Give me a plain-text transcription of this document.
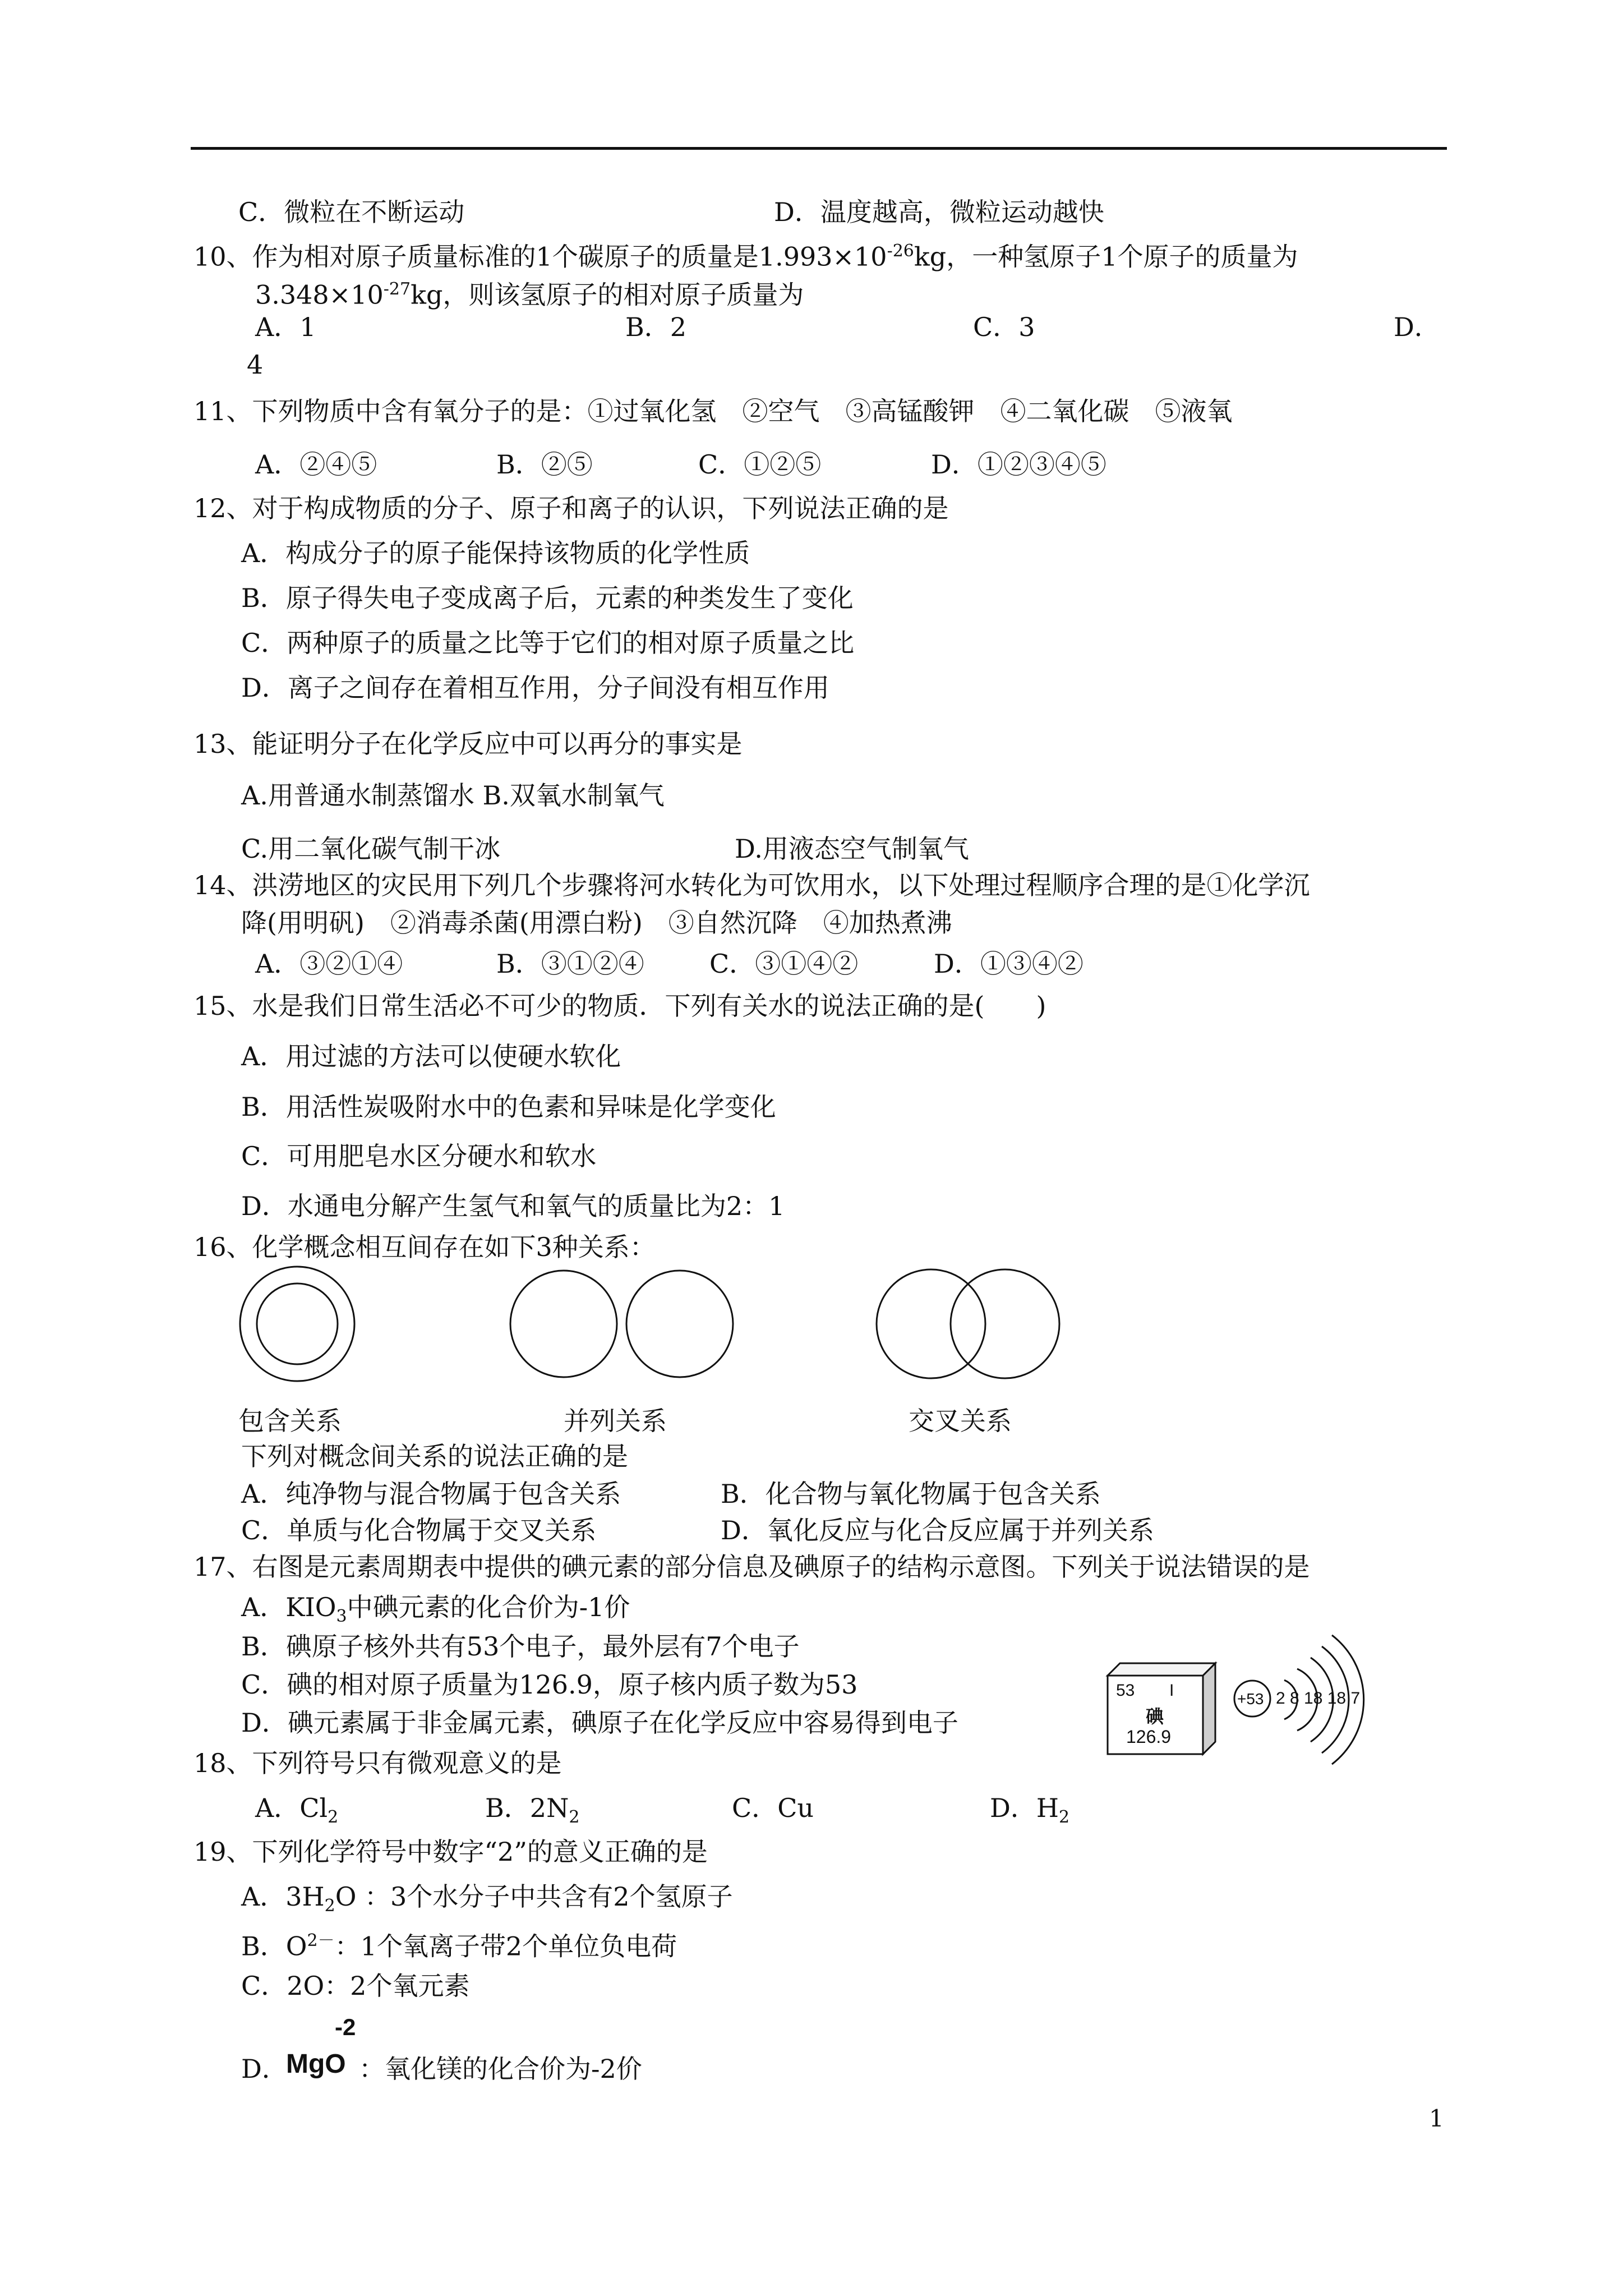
C．微粒在不断运动	D．温度越高，微粒运动越快
10、作为相对原子质量标准的1个碳原子的质量是$1.993\times 10^{-26}kg$，一种氢原子1个原子的质量为
$3.348\times 10^{-27}kg$，则该氢原子的相对原子质量为
A．1	B．2	C．3	D．
4
11、下列物质中含有氧分子的是：①过氧化氢　②空气　③高锰酸钾　④二氧化碳　⑤液氧
A．②④⑤	B．②⑤	C．①②⑤	D．①②③④⑤
12、对于构成物质的分子、原子和离子的认识，下列说法正确的是
A．构成分子的原子能保持该物质的化学性质
B．原子得失电子变成离子后，元素的种类发生了变化
C．两种原子的质量之比等于它们的相对原子质量之比
D．离子之间存在着相互作用，分子间没有相互作用
13、能证明分子在化学反应中可以再分的事实是
A.用普通水制蒸馏水 B.双氧水制氧气
C.用二氧化碳气制干冰	D.用液态空气制氧气
14、洪涝地区的灾民用下列几个步骤将河水转化为可饮用水，以下处理过程顺序合理的是①化学沉
降(用明矾)　②消毒杀菌(用漂白粉)　③自然沉降　④加热煮沸
A．③②①④	B．③①②④	C．③①④②	D．①③④②
15、水是我们日常生活必不可少的物质．下列有关水的说法正确的是(　　)
A．用过滤的方法可以使硬水软化
B．用活性炭吸附水中的色素和异味是化学变化
C．可用肥皂水区分硬水和软水
D．水通电分解产生氢气和氧气的质量比为2：1
16、化学概念相互间存在如下3种关系：
包含关系	并列关系	交叉关系
下列对概念间关系的说法正确的是
A．纯净物与混合物属于包含关系	B．化合物与氧化物属于包含关系
C．单质与化合物属于交叉关系	D．氧化反应与化合反应属于并列关系
17、右图是元素周期表中提供的碘元素的部分信息及碘原子的结构示意图。下列关于说法错误的是
A．$KIO_3$中碘元素的化合价为-1价
B．碘原子核外共有53个电子，最外层有7个电子
C．碘的相对原子质量为126.9，原子核内质子数为53
D．碘元素属于非金属元素，碘原子在化学反应中容易得到电子
53 I
碘
126.9
+53 2 8 18 18 7
18、下列符号只有微观意义的是
A．$Cl_2$	B．$2N_2$	C．Cu	D．$H_2$
19、下列化学符号中数字“2”的意义正确的是
A．$3H_2O$ ：3个水分子中共含有2个氢原子
B．$O^{2-}$：1个氧离子带2个单位负电荷
C．2O：2个氧元素
D．
MgO
-2
：氧化镁的化合价为-2价
1
